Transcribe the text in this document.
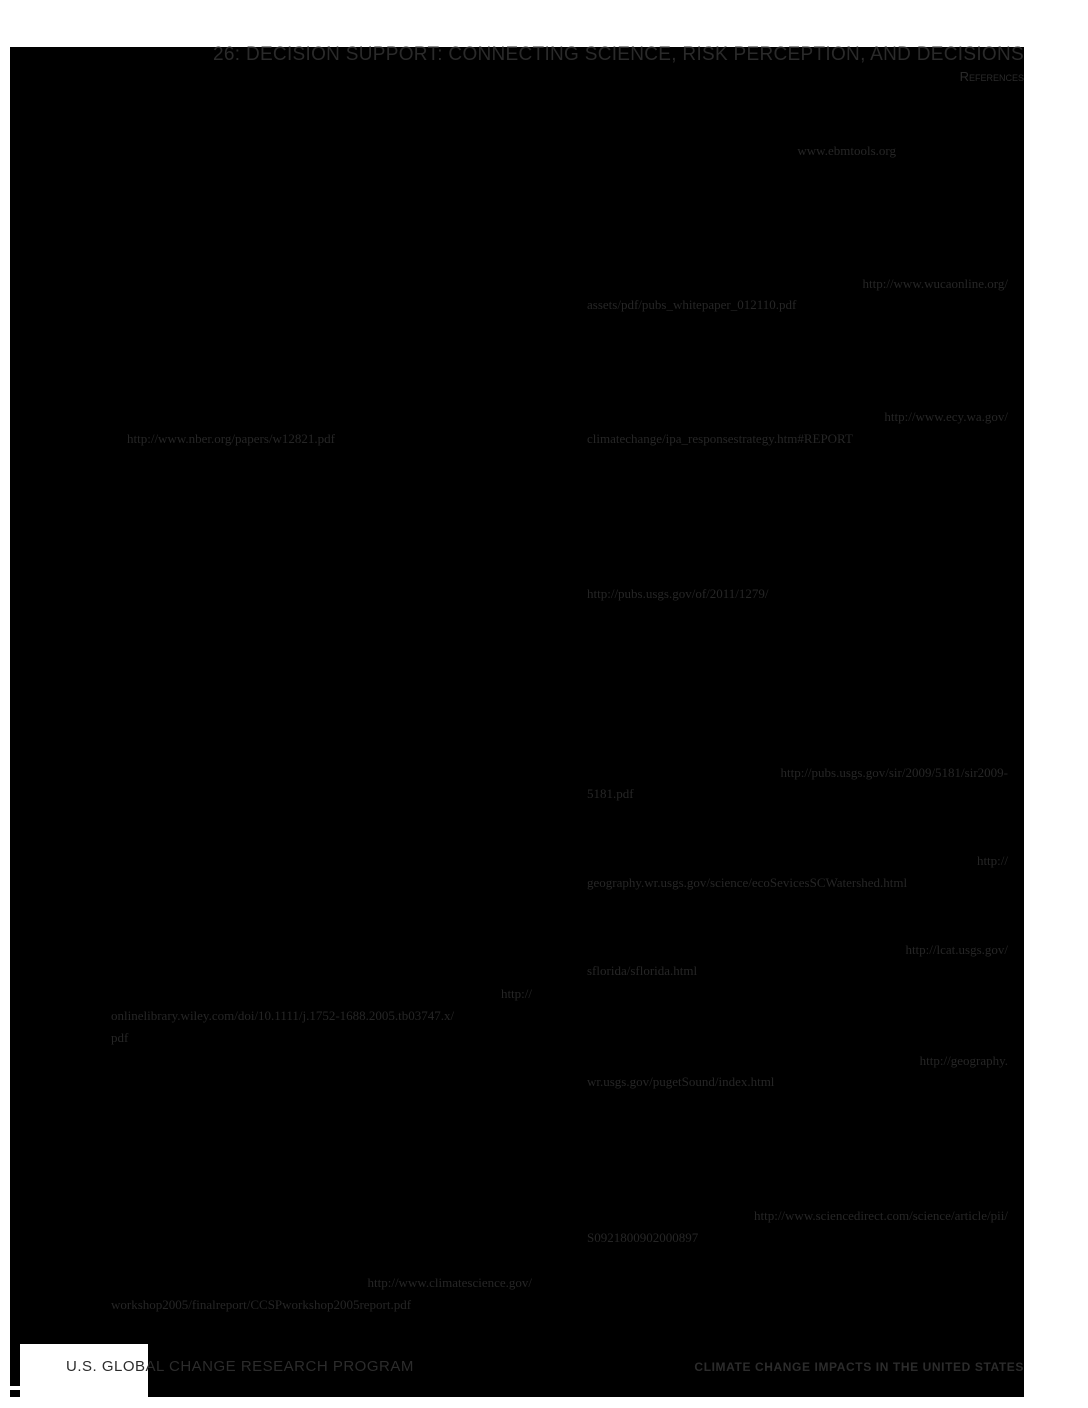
26: DECISION SUPPORT: CONNECTING SCIENCE, RISK PERCEPTION, AND DECISIONS
References
www.ebmtools.org
http://www.wucaonline.org/
assets/pdf/pubs_whitepaper_012110.pdf
http://www.ecy.wa.gov/
climatechange/ipa_responsestrategy.htm#REPORT
http://pubs.usgs.gov/of/2011/1279/
http://pubs.usgs.gov/sir/2009/5181/sir2009-
5181.pdf
http://
geography.wr.usgs.gov/science/ecoSevicesSCWatershed.html
http://lcat.usgs.gov/
sflorida/sflorida.html
http://geography.
wr.usgs.gov/pugetSound/index.html
http://www.sciencedirect.com/science/article/pii/
S0921800902000897
http://www.nber.org/papers/w12821.pdf
http://
onlinelibrary.wiley.com/doi/10.1111/j.1752-1688.2005.tb03747.x/
pdf
http://www.climatescience.gov/
workshop2005/finalreport/CCSPworkshop2005report.pdf
U.S. GLOBAL CHANGE RESEARCH PROGRAM	CLIMATE CHANGE IMPACTS IN THE UNITED STATES
